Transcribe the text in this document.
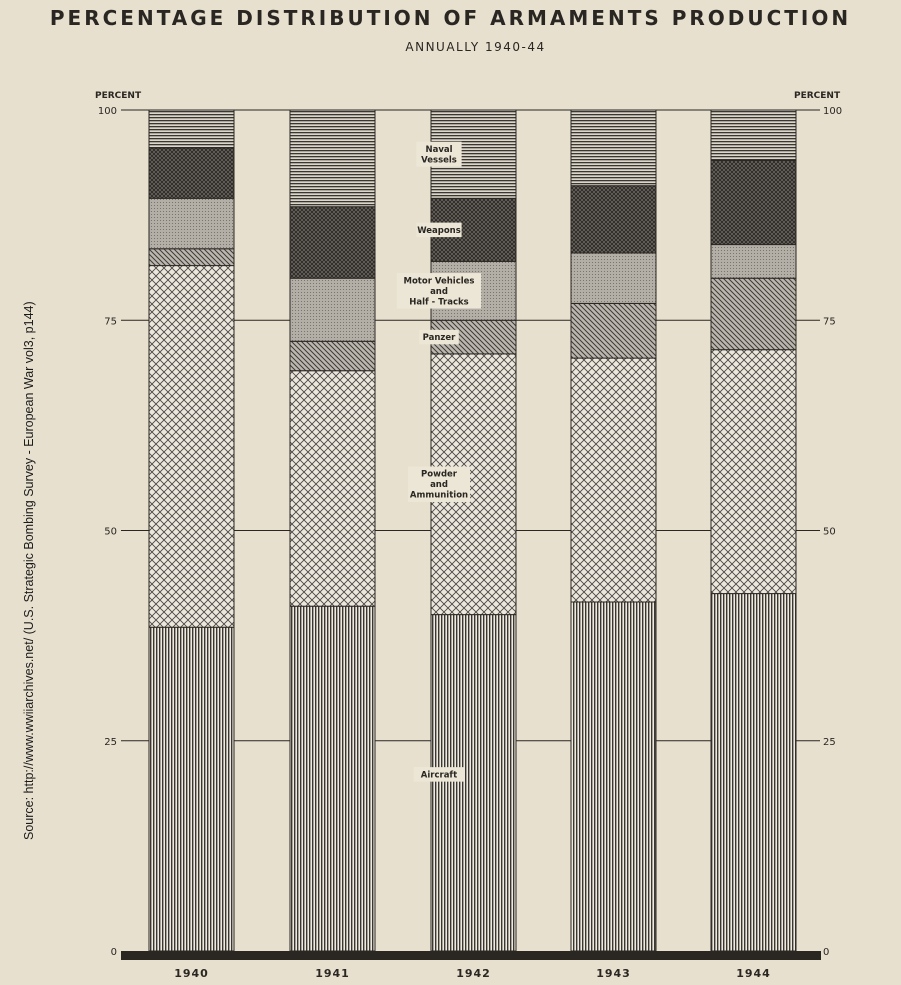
PERCENTAGE DISTRIBUTION OF ARMAMENTS PRODUCTION
ANNUALLY 1940-44
Source: http://www.wwiiarchives.net/ (U.S. Strategic Bombing Survey - European War vol3, p144)
Naval
Vessels
Weapons
Motor Vehicles
and
Half - Tracks
Panzer
Powder
and
Ammunition
Aircraft
0	0
25	25
50	50
75	75
100	100
PERCENT	PERCENT
1940	1941	1942	1943	1944
